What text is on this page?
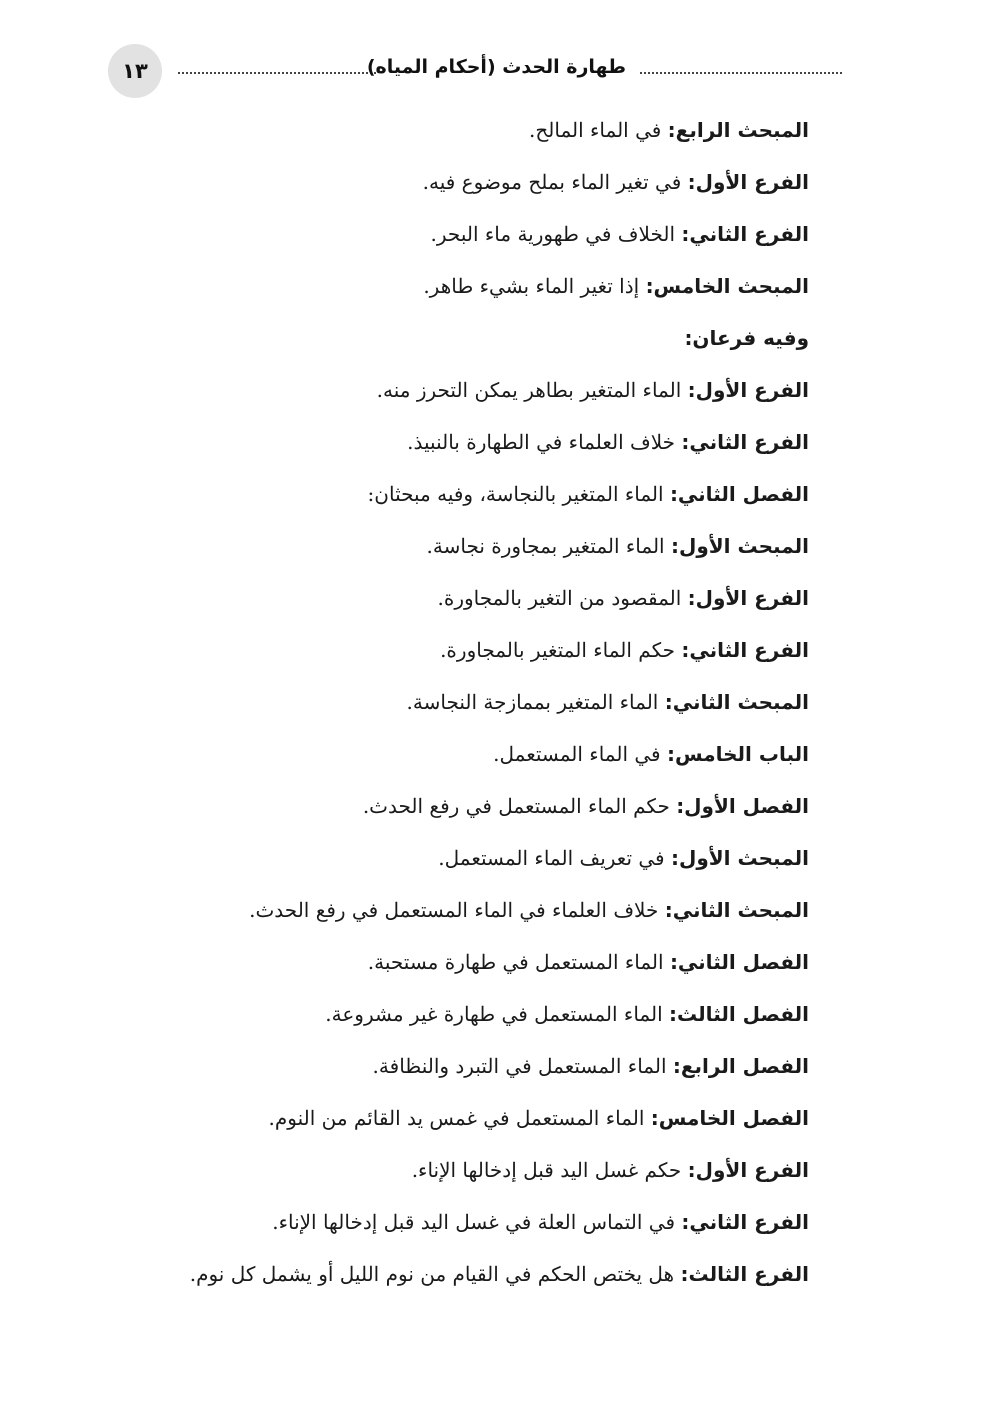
١٣	طهارة الحدث (أحكام المياه)
المبحث الرابع: في الماء المالح.
الفرع الأول: في تغير الماء بملح موضوع فيه.
الفرع الثاني: الخلاف في طهورية ماء البحر.
المبحث الخامس: إذا تغير الماء بشيء طاهر.
وفيه فرعان:
الفرع الأول: الماء المتغير بطاهر يمكن التحرز منه.
الفرع الثاني: خلاف العلماء في الطهارة بالنبيذ.
الفصل الثاني: الماء المتغير بالنجاسة، وفيه مبحثان:
المبحث الأول: الماء المتغير بمجاورة نجاسة.
الفرع الأول: المقصود من التغير بالمجاورة.
الفرع الثاني: حكم الماء المتغير بالمجاورة.
المبحث الثاني: الماء المتغير بممازجة النجاسة.
الباب الخامس: في الماء المستعمل.
الفصل الأول: حكم الماء المستعمل في رفع الحدث.
المبحث الأول: في تعريف الماء المستعمل.
المبحث الثاني: خلاف العلماء في الماء المستعمل في رفع الحدث.
الفصل الثاني: الماء المستعمل في طهارة مستحبة.
الفصل الثالث: الماء المستعمل في طهارة غير مشروعة.
الفصل الرابع: الماء المستعمل في التبرد والنظافة.
الفصل الخامس: الماء المستعمل في غمس يد القائم من النوم.
الفرع الأول: حكم غسل اليد قبل إدخالها الإناء.
الفرع الثاني: في التماس العلة في غسل اليد قبل إدخالها الإناء.
الفرع الثالث: هل يختص الحكم في القيام من نوم الليل أو يشمل كل نوم.
